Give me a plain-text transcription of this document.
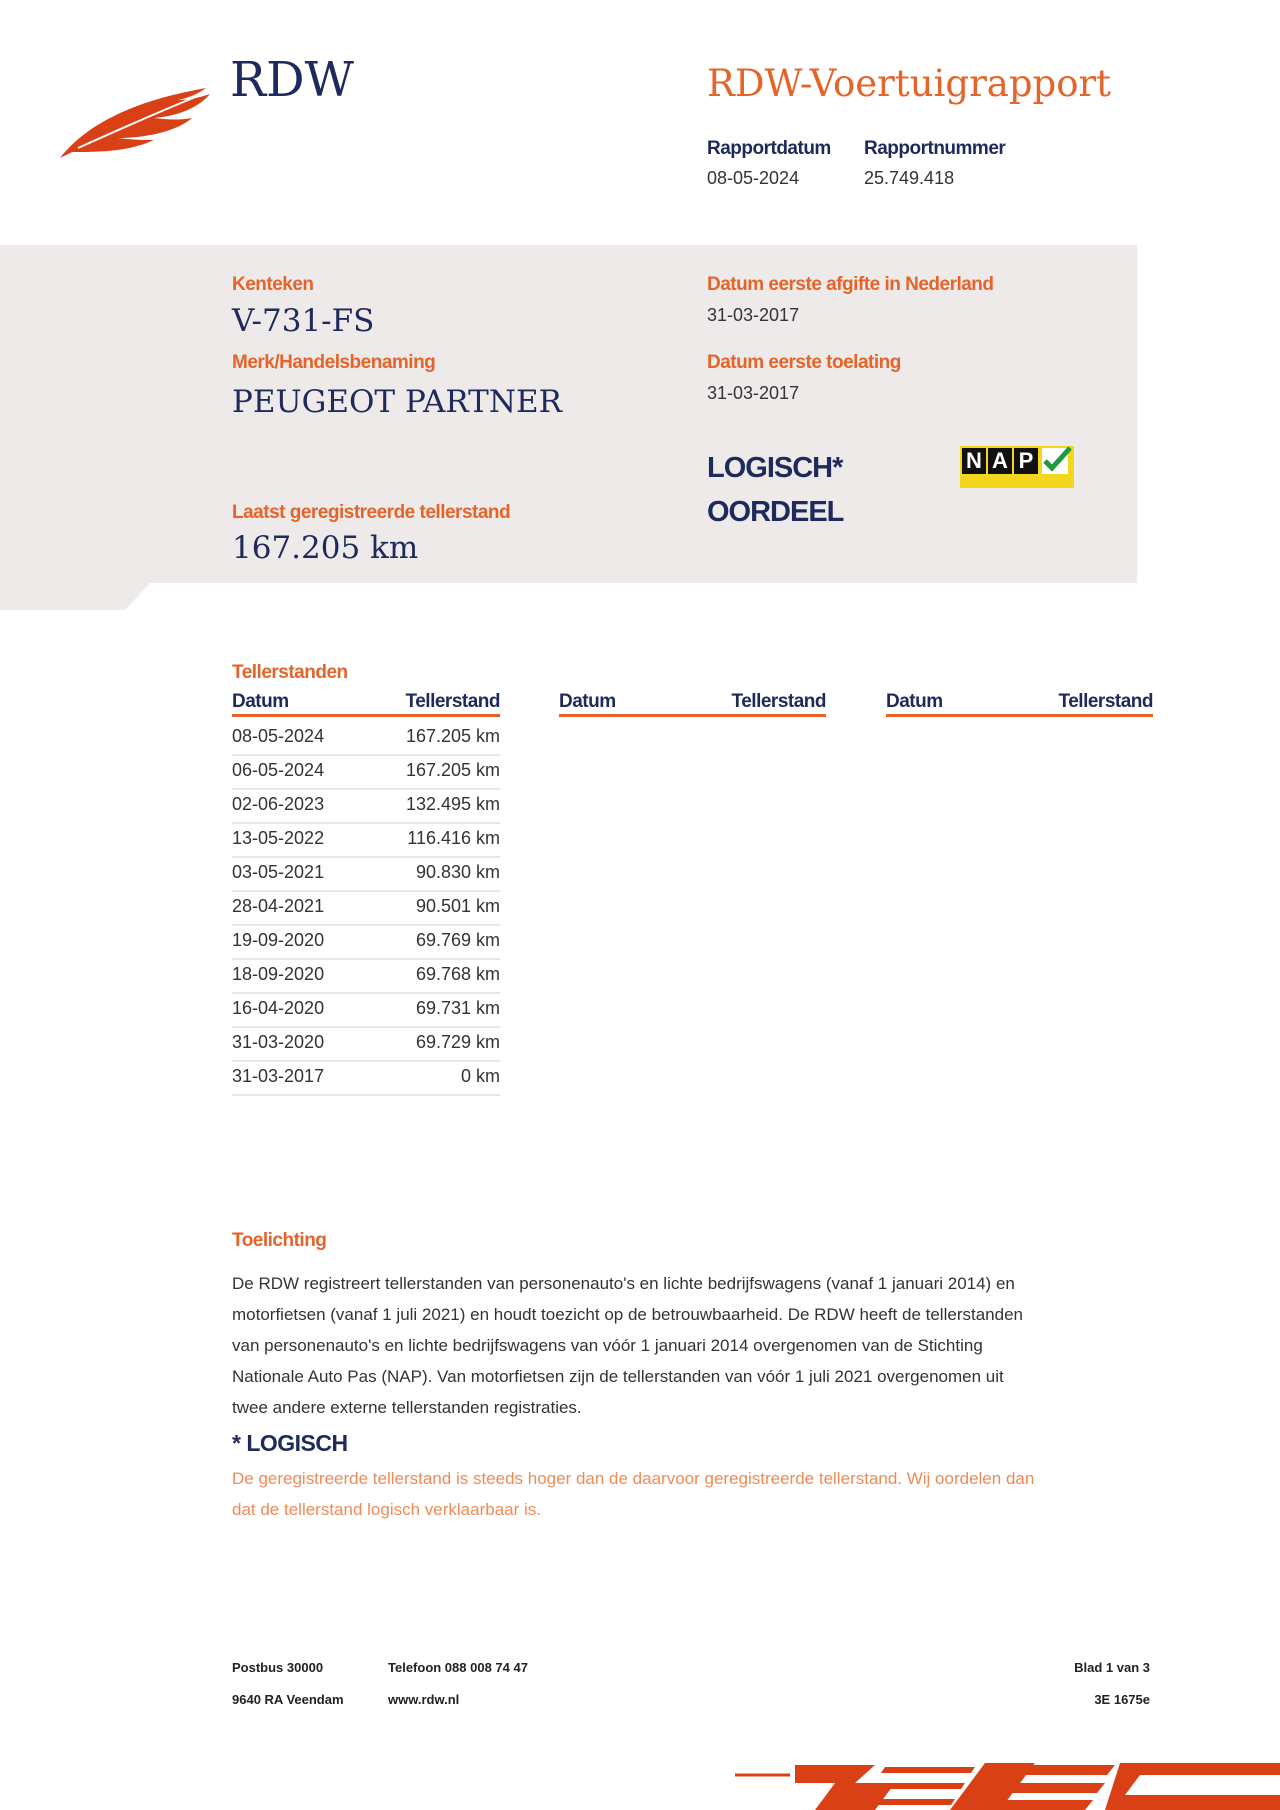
RDW	RDW-Voertuigrapport
Rapportdatum
08-05-2024
Rapportnummer
25.749.418
Kenteken
V-731-FS
Merk/Handelsbenaming
PEUGEOT PARTNER
Laatst geregistreerde tellerstand
167.205 km
Datum eerste afgifte in Nederland
31-03-2017
Datum eerste toelating
31-03-2017
LOGISCH*
OORDEEL
N A P
Tellerstanden
Datum	Tellerstand	Datum	Tellerstand	Datum	Tellerstand
08-05-2024	167.205 km
06-05-2024	167.205 km
02-06-2023	132.495 km
13-05-2022	116.416 km
03-05-2021	90.830 km
28-04-2021	90.501 km
19-09-2020	69.769 km
18-09-2020	69.768 km
16-04-2020	69.731 km
31-03-2020	69.729 km
31-03-2017	0 km
Toelichting
De RDW registreert tellerstanden van personenauto's en lichte bedrijfswagens (vanaf 1 januari 2014) en
motorfietsen (vanaf 1 juli 2021) en houdt toezicht op de betrouwbaarheid. De RDW heeft de tellerstanden
van personenauto's en lichte bedrijfswagens van vóór 1 januari 2014 overgenomen van de Stichting
Nationale Auto Pas (NAP). Van motorfietsen zijn de tellerstanden van vóór 1 juli 2021 overgenomen uit
twee andere externe tellerstanden registraties.
* LOGISCH
De geregistreerde tellerstand is steeds hoger dan de daarvoor geregistreerde tellerstand. Wij oordelen dan
dat de tellerstand logisch verklaarbaar is.
Postbus 30000
9640 RA Veendam
Telefoon 088 008 74 47
www.rdw.nl
Blad 1 van 3
3E 1675e
